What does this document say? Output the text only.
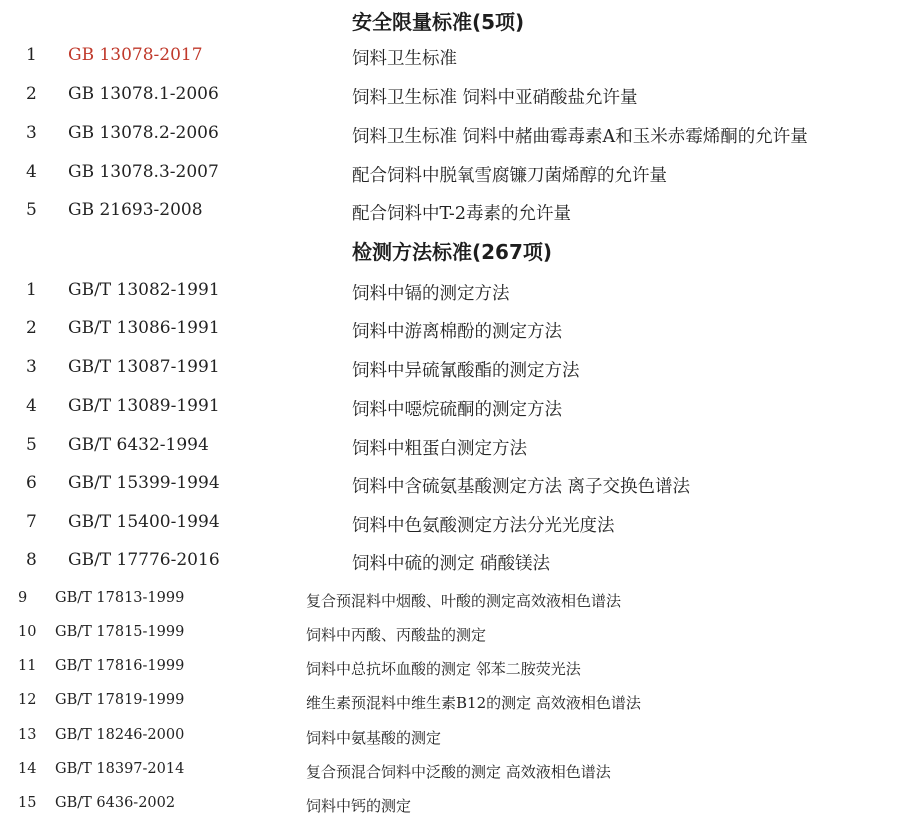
安全限量标准(5项)
1 GB 13078-2017	饲料卫生标准
2 GB 13078.1-2006	饲料卫生标准 饲料中亚硝酸盐允许量
3 GB 13078.2-2006	饲料卫生标准 饲料中赭曲霉毒素A和玉米赤霉烯酮的允许量
4 GB 13078.3-2007	配合饲料中脱氧雪腐镰刀菌烯醇的允许量
5 GB 21693-2008	配合饲料中T-2毒素的允许量
检测方法标准(267项)
1 GB/T 13082-1991	饲料中镉的测定方法
2 GB/T 13086-1991	饲料中游离棉酚的测定方法
3 GB/T 13087-1991	饲料中异硫氰酸酯的测定方法
4 GB/T 13089-1991	饲料中噁烷硫酮的测定方法
5 GB/T 6432-1994	饲料中粗蛋白测定方法
6 GB/T 15399-1994	饲料中含硫氨基酸测定方法 离子交换色谱法
7 GB/T 15400-1994	饲料中色氨酸测定方法分光光度法
8 GB/T 17776-2016	饲料中硫的测定 硝酸镁法
9 GB/T 17813-1999	复合预混料中烟酸、叶酸的测定高效液相色谱法
10 GB/T 17815-1999	饲料中丙酸、丙酸盐的测定
11 GB/T 17816-1999	饲料中总抗坏血酸的测定 邻苯二胺荧光法
12 GB/T 17819-1999	维生素预混料中维生素B12的测定 高效液相色谱法
13 GB/T 18246-2000	饲料中氨基酸的测定
14 GB/T 18397-2014	复合预混合饲料中泛酸的测定 高效液相色谱法
15 GB/T 6436-2002	饲料中钙的测定
